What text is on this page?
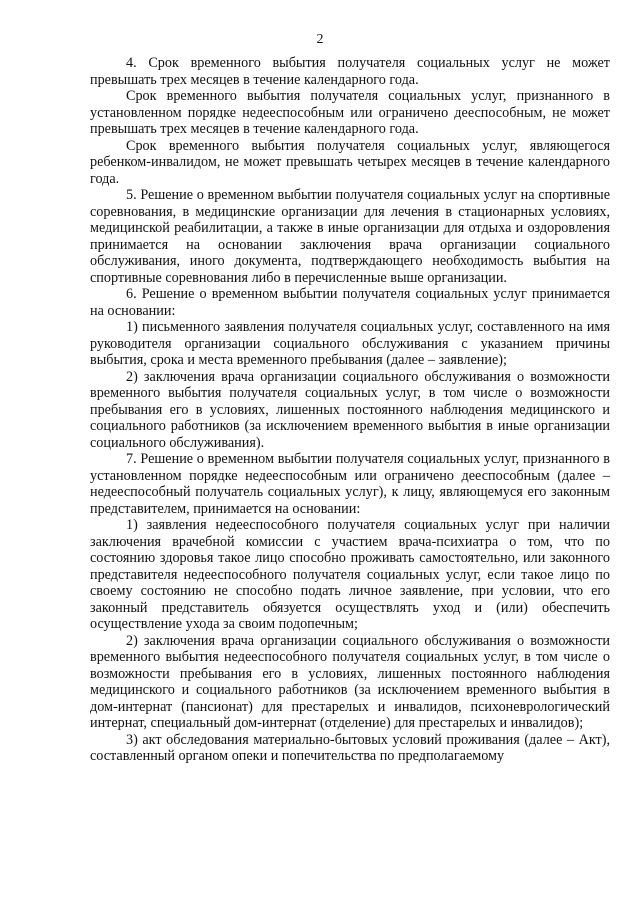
2

4. Срок временного выбытия получателя социальных услуг не может превышать трех месяцев в течение календарного года.

Срок временного выбытия получателя социальных услуг, признанного в установленном порядке недееспособным или ограничено дееспособным, не может превышать трех месяцев в течение календарного года.

Срок временного выбытия получателя социальных услуг, являющегося ребенком-инвалидом, не может превышать четырех месяцев в течение календарного года.

5. Решение о временном выбытии получателя социальных услуг на спортивные соревнования, в медицинские организации для лечения в стационарных условиях, медицинской реабилитации, а также в иные организации для отдыха и оздоровления принимается на основании заключения врача организации социального обслуживания, иного документа, подтверждающего необходимость выбытия на спортивные соревнования либо в перечисленные выше организации.

6. Решение о временном выбытии получателя социальных услуг принимается на основании:

1) письменного заявления получателя социальных услуг, составленного на имя руководителя организации социального обслуживания с указанием причины выбытия, срока и места временного пребывания (далее – заявление);

2) заключения врача организации социального обслуживания о возможности временного выбытия получателя социальных услуг, в том числе о возможности пребывания его в условиях, лишенных постоянного наблюдения медицинского и социального работников (за исключением временного выбытия в иные организации социального обслуживания).

7. Решение о временном выбытии получателя социальных услуг, признанного в установленном порядке недееспособным или ограничено дееспособным (далее – недееспособный получатель социальных услуг), к лицу, являющемуся его законным представителем, принимается на основании:

1) заявления недееспособного получателя социальных услуг при наличии заключения врачебной комиссии с участием врача-психиатра о том, что по состоянию здоровья такое лицо способно проживать самостоятельно, или законного представителя недееспособного получателя социальных услуг, если такое лицо по своему состоянию не способно подать личное заявление, при условии, что его законный представитель обязуется осуществлять уход и (или) обеспечить осуществление ухода за своим подопечным;

2) заключения врача организации социального обслуживания о возможности временного выбытия недееспособного получателя социальных услуг, в том числе о возможности пребывания его в условиях, лишенных постоянного наблюдения медицинского и социального работников (за исключением временного выбытия в дом-интернат (пансионат) для престарелых и инвалидов, психоневрологический интернат, специальный дом-интернат (отделение) для престарелых и инвалидов);

3) акт обследования материально-бытовых условий проживания (далее – Акт), составленный органом опеки и попечительства по предполагаемому
